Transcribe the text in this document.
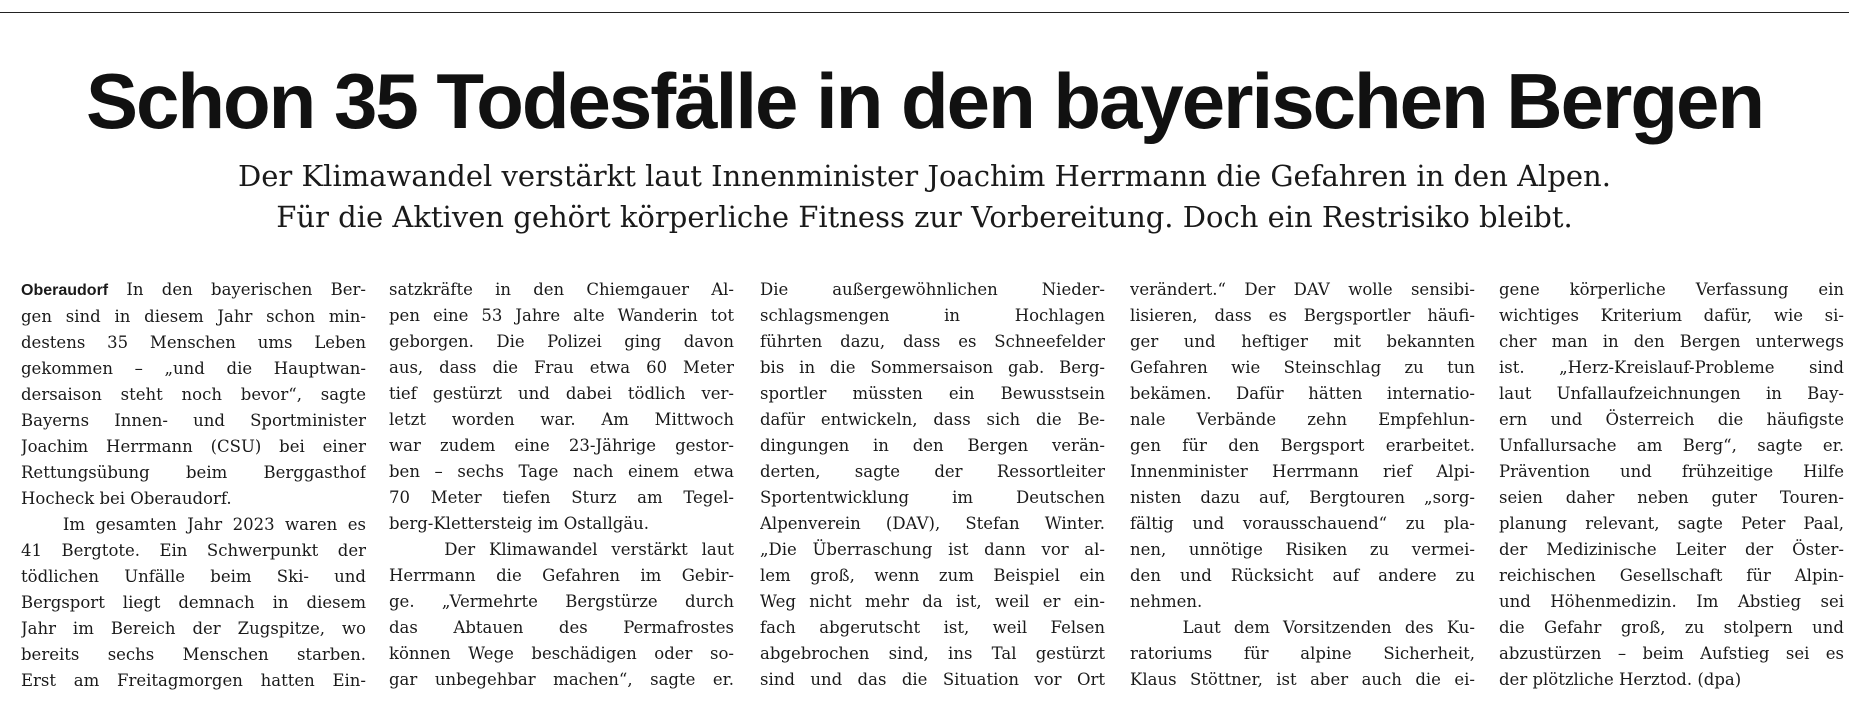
Schon 35 Todesfälle in den bayerischen Bergen
Der Klimawandel verstärkt laut Innenminister Joachim Herrmann die Gefahren in den Alpen.
Für die Aktiven gehört körperliche Fitness zur Vorbereitung. Doch ein Restrisiko bleibt.
Oberaudorf In den bayerischen Ber-
gen sind in diesem Jahr schon min-
destens 35 Menschen ums Leben
gekommen – „und die Hauptwan-
dersaison steht noch bevor“, sagte
Bayerns Innen- und Sportminister
Joachim Herrmann (CSU) bei einer
Rettungsübung beim Berggasthof
Hocheck bei Oberaudorf.
Im gesamten Jahr 2023 waren es
41 Bergtote. Ein Schwerpunkt der
tödlichen Unfälle beim Ski- und
Bergsport liegt demnach in diesem
Jahr im Bereich der Zugspitze, wo
bereits sechs Menschen starben.
Erst am Freitagmorgen hatten Ein-
satzkräfte in den Chiemgauer Al-
pen eine 53 Jahre alte Wanderin tot
geborgen. Die Polizei ging davon
aus, dass die Frau etwa 60 Meter
tief gestürzt und dabei tödlich ver-
letzt worden war. Am Mittwoch
war zudem eine 23-Jährige gestor-
ben – sechs Tage nach einem etwa
70 Meter tiefen Sturz am Tegel-
berg-Klettersteig im Ostallgäu.
Der Klimawandel verstärkt laut
Herrmann die Gefahren im Gebir-
ge. „Vermehrte Bergstürze durch
das Abtauen des Permafrostes
können Wege beschädigen oder so-
gar unbegehbar machen“, sagte er.
Die außergewöhnlichen Nieder-
schlagsmengen in Hochlagen
führten dazu, dass es Schneefelder
bis in die Sommersaison gab. Berg-
sportler müssten ein Bewusstsein
dafür entwickeln, dass sich die Be-
dingungen in den Bergen verän-
derten, sagte der Ressortleiter
Sportentwicklung im Deutschen
Alpenverein (DAV), Stefan Winter.
„Die Überraschung ist dann vor al-
lem groß, wenn zum Beispiel ein
Weg nicht mehr da ist, weil er ein-
fach abgerutscht ist, weil Felsen
abgebrochen sind, ins Tal gestürzt
sind und das die Situation vor Ort
verändert.“ Der DAV wolle sensibi-
lisieren, dass es Bergsportler häufi-
ger und heftiger mit bekannten
Gefahren wie Steinschlag zu tun
bekämen. Dafür hätten internatio-
nale Verbände zehn Empfehlun-
gen für den Bergsport erarbeitet.
Innenminister Herrmann rief Alpi-
nisten dazu auf, Bergtouren „sorg-
fältig und vorausschauend“ zu pla-
nen, unnötige Risiken zu vermei-
den und Rücksicht auf andere zu
nehmen.
Laut dem Vorsitzenden des Ku-
ratoriums für alpine Sicherheit,
Klaus Stöttner, ist aber auch die ei-
gene körperliche Verfassung ein
wichtiges Kriterium dafür, wie si-
cher man in den Bergen unterwegs
ist. „Herz-Kreislauf-Probleme sind
laut Unfallaufzeichnungen in Bay-
ern und Österreich die häufigste
Unfallursache am Berg“, sagte er.
Prävention und frühzeitige Hilfe
seien daher neben guter Touren-
planung relevant, sagte Peter Paal,
der Medizinische Leiter der Öster-
reichischen Gesellschaft für Alpin-
und Höhenmedizin. Im Abstieg sei
die Gefahr groß, zu stolpern und
abzustürzen – beim Aufstieg sei es
der plötzliche Herztod. (dpa)
